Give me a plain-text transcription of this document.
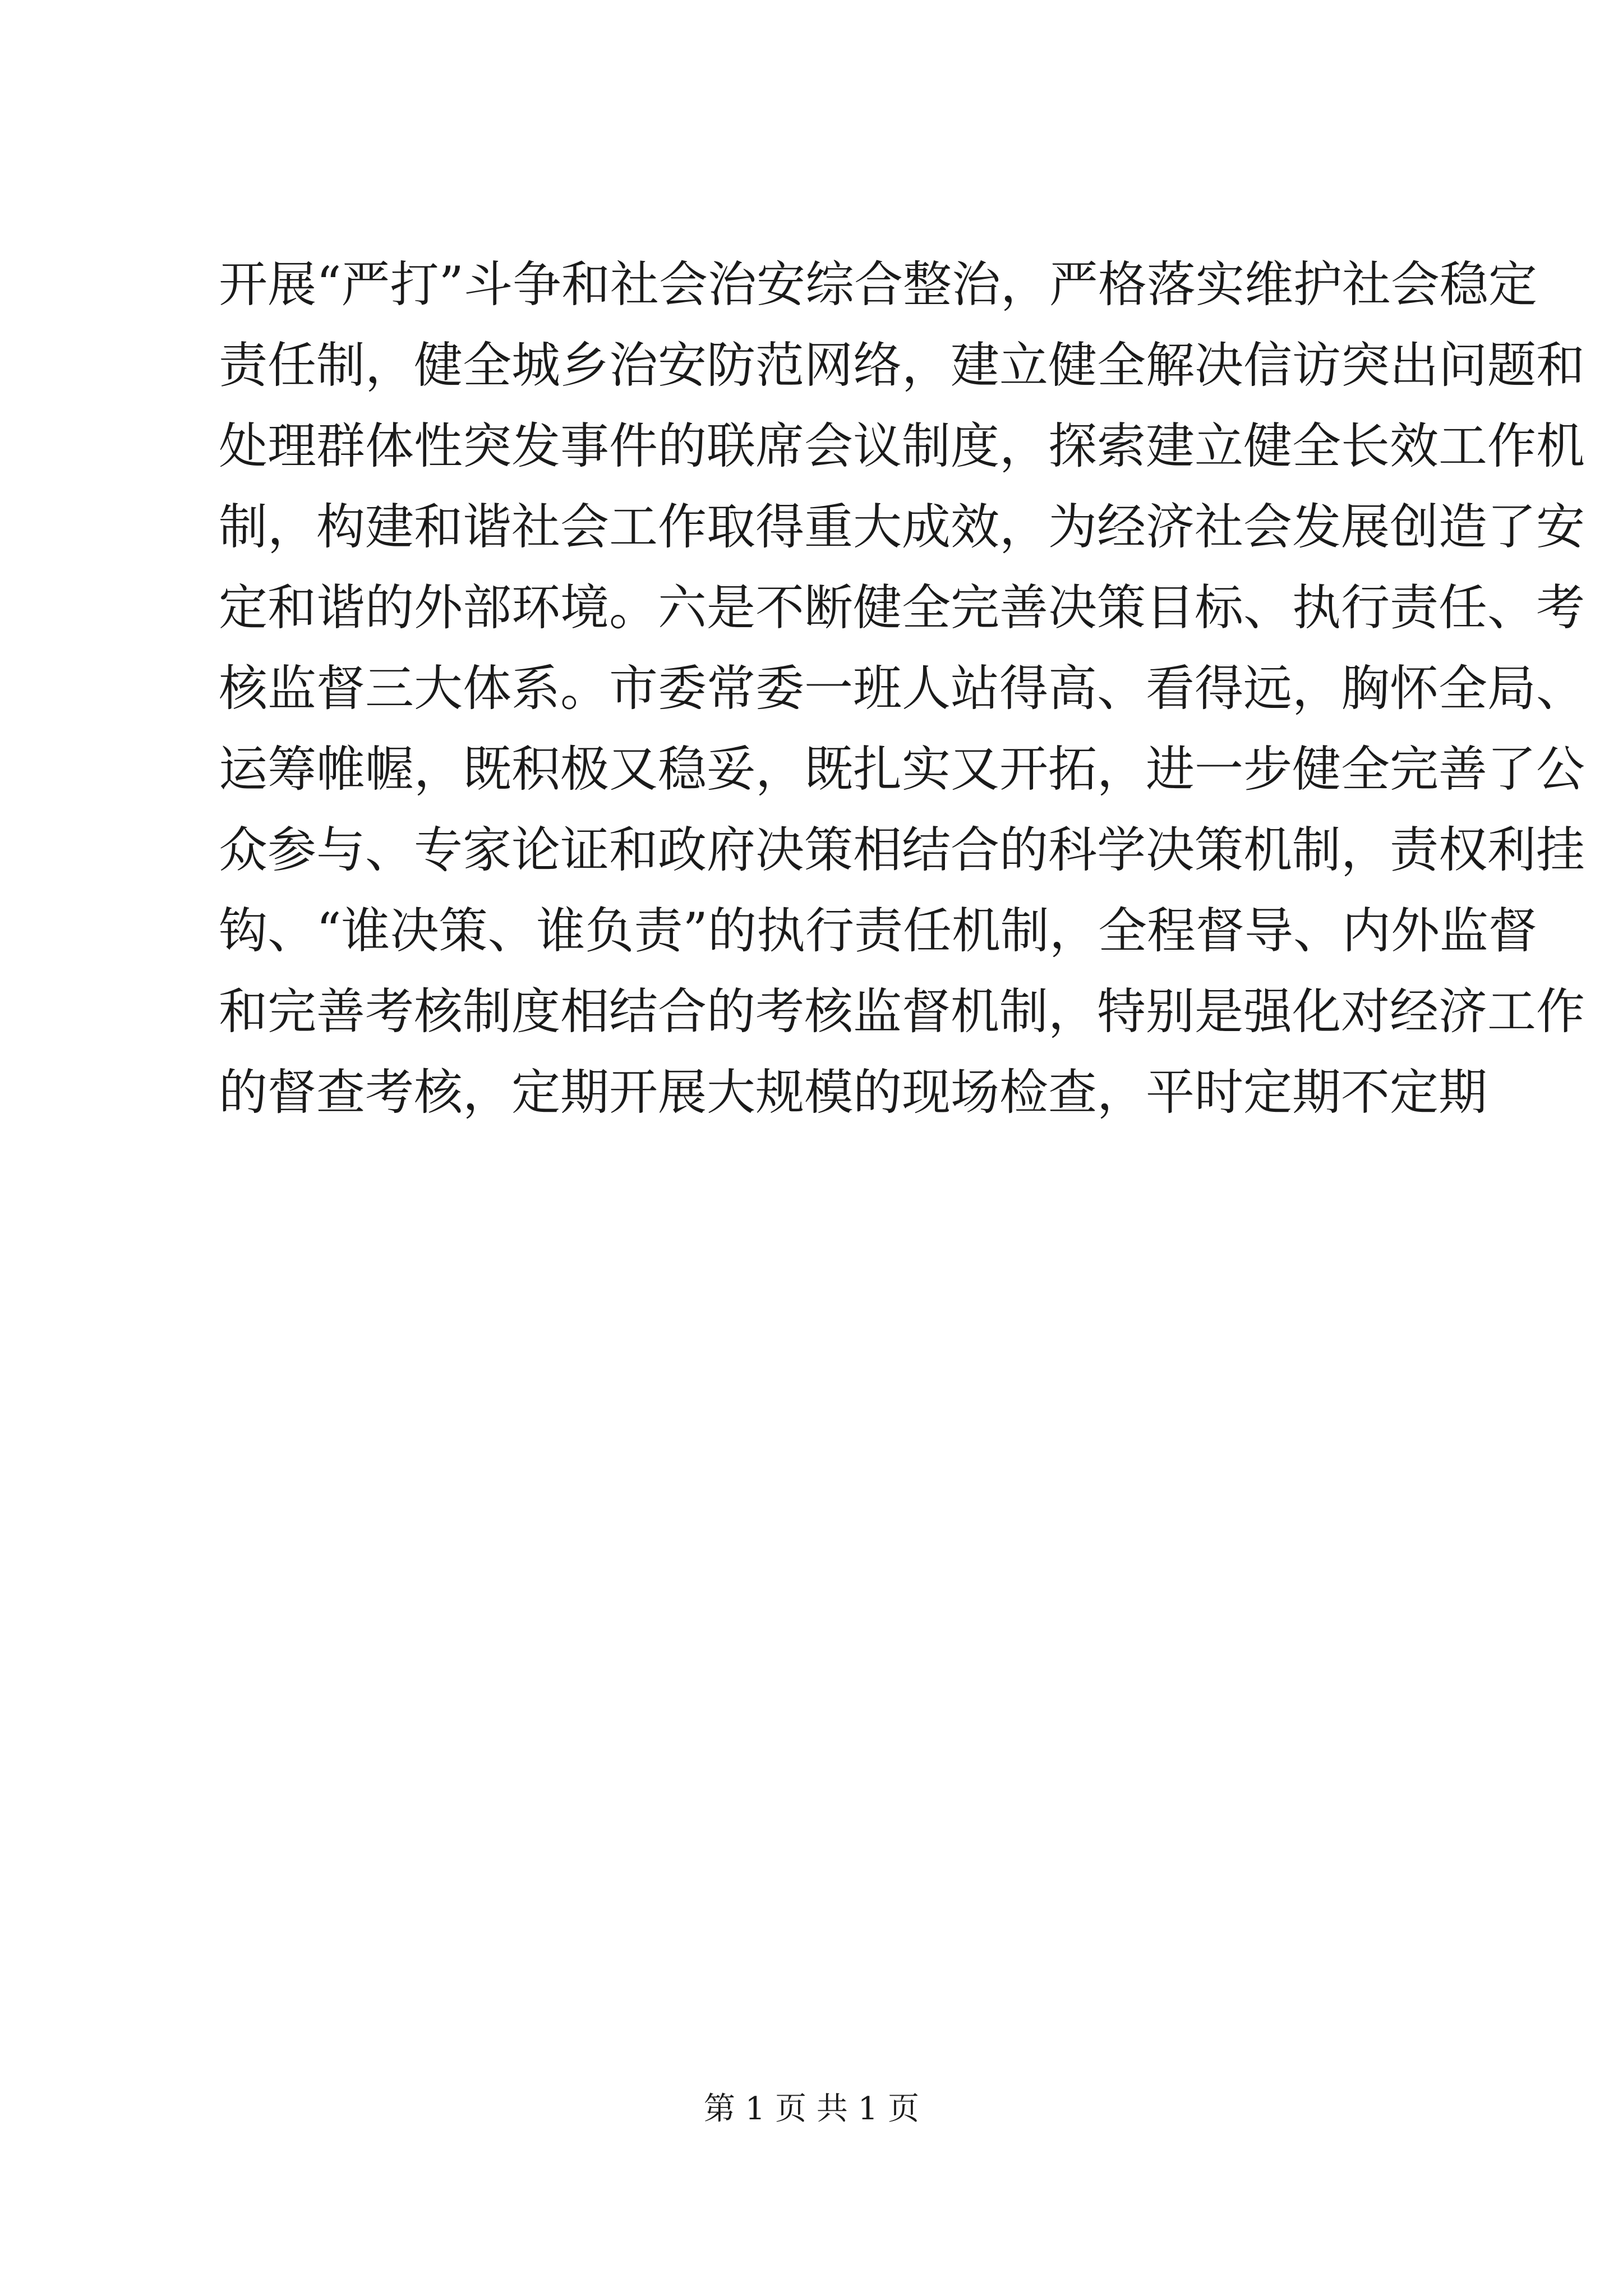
开展“严打”斗争和社会治安综合整治，严格落实维护社会稳定
责任制，健全城乡治安防范网络，建立健全解决信访突出问题和
处理群体性突发事件的联席会议制度，探索建立健全长效工作机
制，构建和谐社会工作取得重大成效，为经济社会发展创造了安
定和谐的外部环境。六是不断健全完善决策目标、执行责任、考
核监督三大体系。市委常委一班人站得高、看得远，胸怀全局、
运筹帷幄，既积极又稳妥，既扎实又开拓，进一步健全完善了公
众参与、专家论证和政府决策相结合的科学决策机制，责权利挂
钩、“谁决策、谁负责”的执行责任机制，全程督导、内外监督
和完善考核制度相结合的考核监督机制，特别是强化对经济工作
的督查考核，定期开展大规模的现场检查，平时定期不定期
第 1 页 共 1 页
